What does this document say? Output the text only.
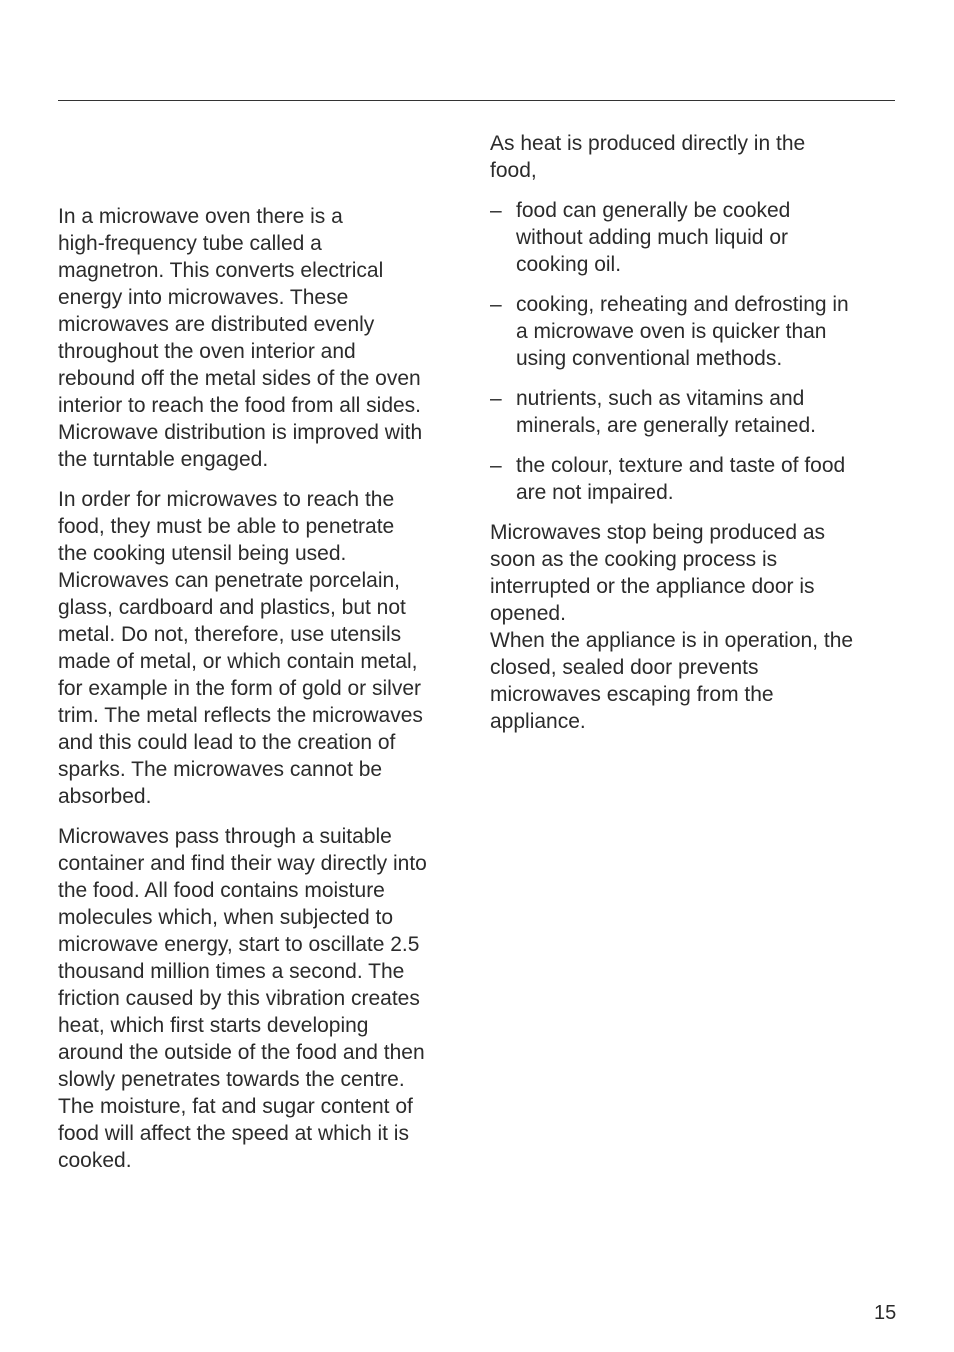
In a microwave oven there is a
high-frequency tube called a
magnetron. This converts electrical
energy into microwaves. These
microwaves are distributed evenly
throughout the oven interior and
rebound off the metal sides of the oven
interior to reach the food from all sides.
Microwave distribution is improved with
the turntable engaged.

In order for microwaves to reach the
food, they must be able to penetrate
the cooking utensil being used.
Microwaves can penetrate porcelain,
glass, cardboard and plastics, but not
metal. Do not, therefore, use utensils
made of metal, or which contain metal,
for example in the form of gold or silver
trim. The metal reflects the microwaves
and this could lead to the creation of
sparks. The microwaves cannot be
absorbed.

Microwaves pass through a suitable
container and find their way directly into
the food. All food contains moisture
molecules which, when subjected to
microwave energy, start to oscillate 2.5
thousand million times a second. The
friction caused by this vibration creates
heat, which first starts developing
around the outside of the food and then
slowly penetrates towards the centre.
The moisture, fat and sugar content of
food will affect the speed at which it is
cooked.

As heat is produced directly in the
food,

– food can generally be cooked
without adding much liquid or
cooking oil.
– cooking, reheating and defrosting in
a microwave oven is quicker than
using conventional methods.
– nutrients, such as vitamins and
minerals, are generally retained.
– the colour, texture and taste of food
are not impaired.

Microwaves stop being produced as
soon as the cooking process is
interrupted or the appliance door is
opened.
When the appliance is in operation, the
closed, sealed door prevents
microwaves escaping from the
appliance.

15
